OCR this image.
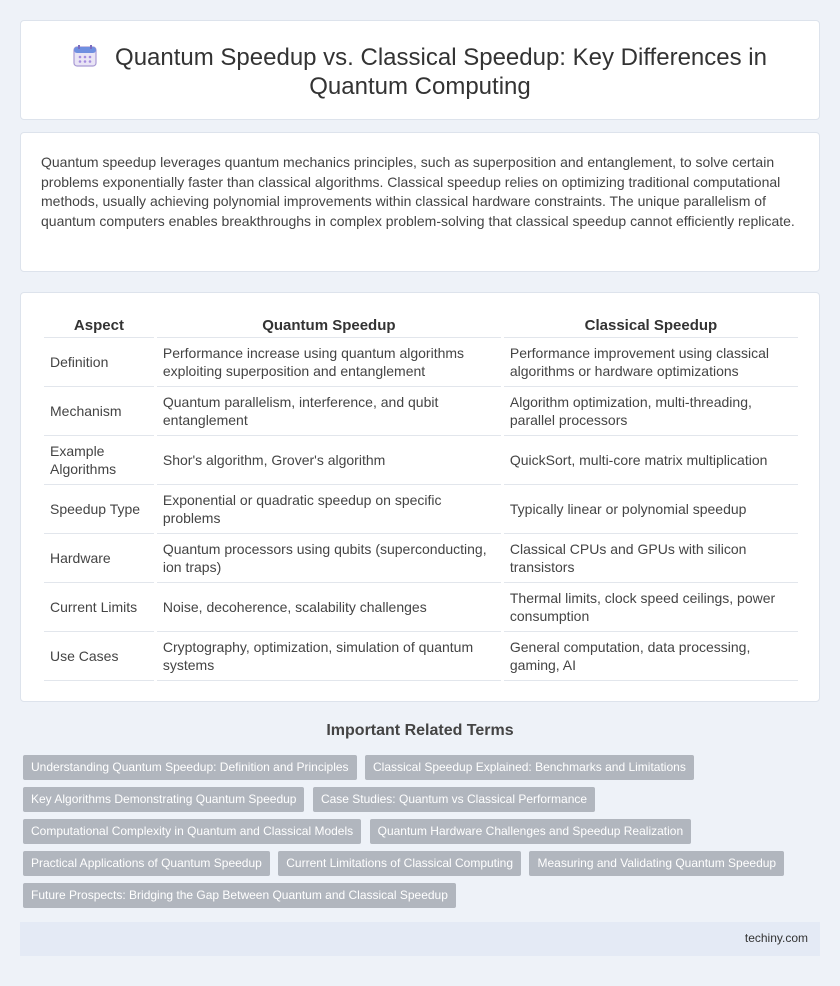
Quantum Speedup vs. Classical Speedup: Key Differences in
Quantum Computing

Quantum speedup leverages quantum mechanics principles, such as superposition and entanglement, to solve certain problems exponentially faster than classical algorithms. Classical speedup relies on optimizing traditional computational methods, usually achieving polynomial improvements within classical hardware constraints. The unique parallelism of quantum computers enables breakthroughs in complex problem-solving that classical speedup cannot efficiently replicate.

Aspect	Quantum Speedup	Classical Speedup
Definition	Performance increase using quantum algorithms exploiting superposition and entanglement	Performance improvement using classical algorithms or hardware optimizations
Mechanism	Quantum parallelism, interference, and qubit entanglement	Algorithm optimization, multi-threading, parallel processors
Example Algorithms	Shor's algorithm, Grover's algorithm	QuickSort, multi-core matrix multiplication
Speedup Type	Exponential or quadratic speedup on specific problems	Typically linear or polynomial speedup
Hardware	Quantum processors using qubits (superconducting, ion traps)	Classical CPUs and GPUs with silicon transistors
Current Limits	Noise, decoherence, scalability challenges	Thermal limits, clock speed ceilings, power consumption
Use Cases	Cryptography, optimization, simulation of quantum systems	General computation, data processing, gaming, AI
Important Related Terms
Understanding Quantum Speedup: Definition and Principles Classical Speedup Explained: Benchmarks and Limitations Key Algorithms Demonstrating Quantum Speedup Case Studies: Quantum vs Classical Performance Computational Complexity in Quantum and Classical Models Quantum Hardware Challenges and Speedup Realization Practical Applications of Quantum Speedup Current Limitations of Classical Computing Measuring and Validating Quantum Speedup Future Prospects: Bridging the Gap Between Quantum and Classical Speedup
techiny.com
